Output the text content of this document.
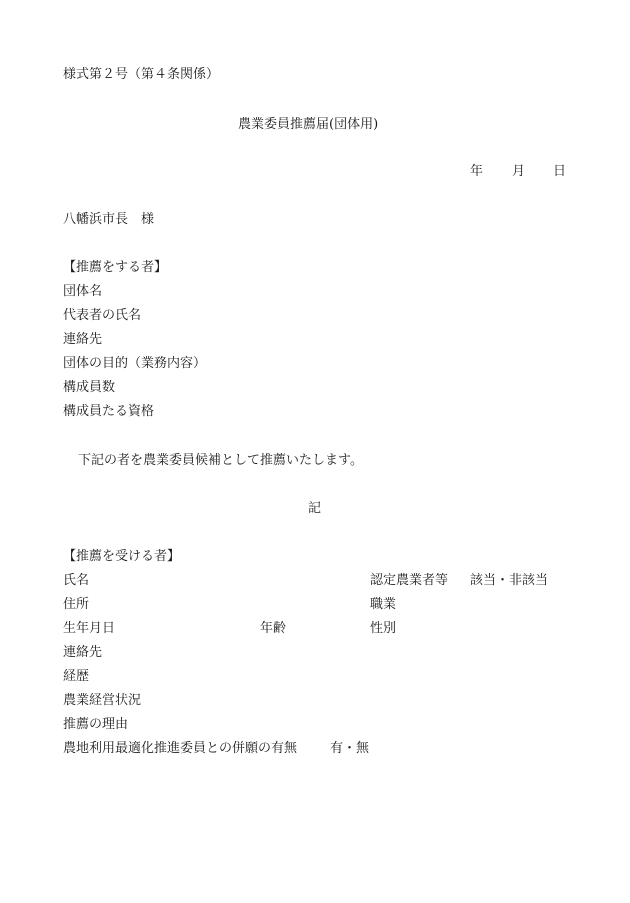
様式第２号（第４条関係）
農業委員推薦届(団体用)
年 月 日
八幡浜市長　様
【推薦をする者】
団体名
代表者の氏名
連絡先
団体の目的（業務内容）
構成員数
構成員たる資格
下記の者を農業委員候補として推薦いたします。
記
【推薦を受ける者】
氏名	認定農業者等 該当・非該当
住所	職業
生年月日	年齢	性別
連絡先
経歴
農業経営状況
推薦の理由
農地利用最適化推進委員との併願の有無	有・無
